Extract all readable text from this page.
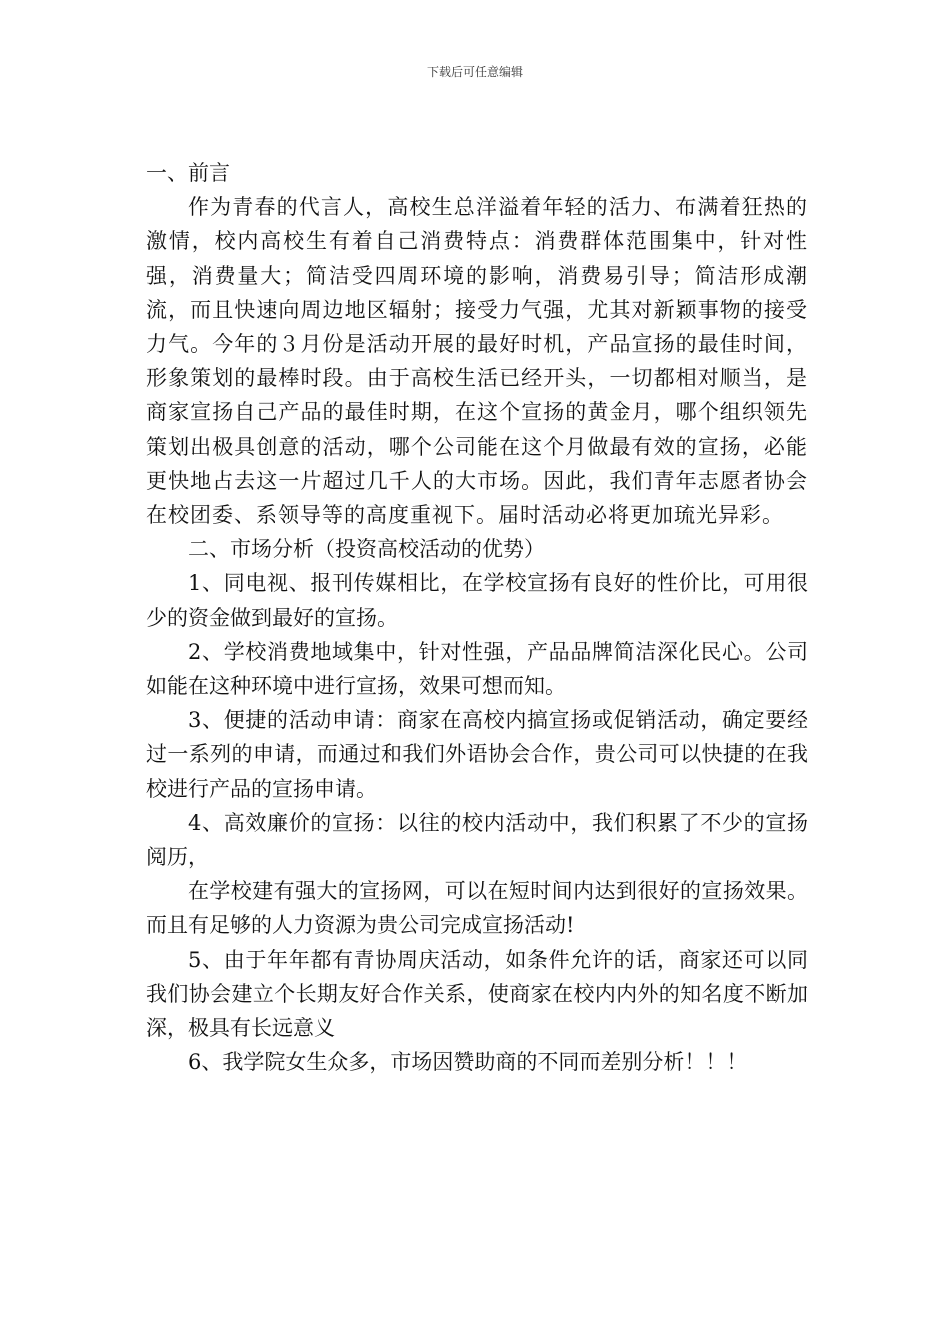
下载后可任意编辑

一、前言

作为青春的代言人，高校生总洋溢着年轻的活力、布满着狂热的激情，校内高校生有着自己消费特点：消费群体范围集中，针对性强，消费量大；简洁受四周环境的影响，消费易引导；简洁形成潮流，而且快速向周边地区辐射；接受力气强，尤其对新颖事物的接受力气。今年的３月份是活动开展的最好时机，产品宣扬的最佳时间，形象策划的最棒时段。由于高校生活已经开头，一切都相对顺当，是商家宣扬自己产品的最佳时期，在这个宣扬的黄金月，哪个组织领先策划出极具创意的活动，哪个公司能在这个月做最有效的宣扬，必能更快地占去这一片超过几千人的大市场。因此，我们青年志愿者协会在校团委、系领导等的高度重视下。届时活动必将更加琉光异彩。

二、市场分析（投资高校活动的优势）

1、同电视、报刊传媒相比，在学校宣扬有良好的性价比，可用很少的资金做到最好的宣扬。

2、学校消费地域集中，针对性强，产品品牌简洁深化民心。公司如能在这种环境中进行宣扬，效果可想而知。

3、便捷的活动申请：商家在高校内搞宣扬或促销活动，确定要经过一系列的申请，而通过和我们外语协会合作，贵公司可以快捷的在我校进行产品的宣扬申请。

4、高效廉价的宣扬：以往的校内活动中，我们积累了不少的宣扬阅历，

在学校建有强大的宣扬网，可以在短时间内达到很好的宣扬效果。而且有足够的人力资源为贵公司完成宣扬活动!

5、由于年年都有青协周庆活动，如条件允许的话，商家还可以同我们协会建立个长期友好合作关系，使商家在校内内外的知名度不断加深，极具有长远意义

6、我学院女生众多，市场因赞助商的不同而差别分析！！！
